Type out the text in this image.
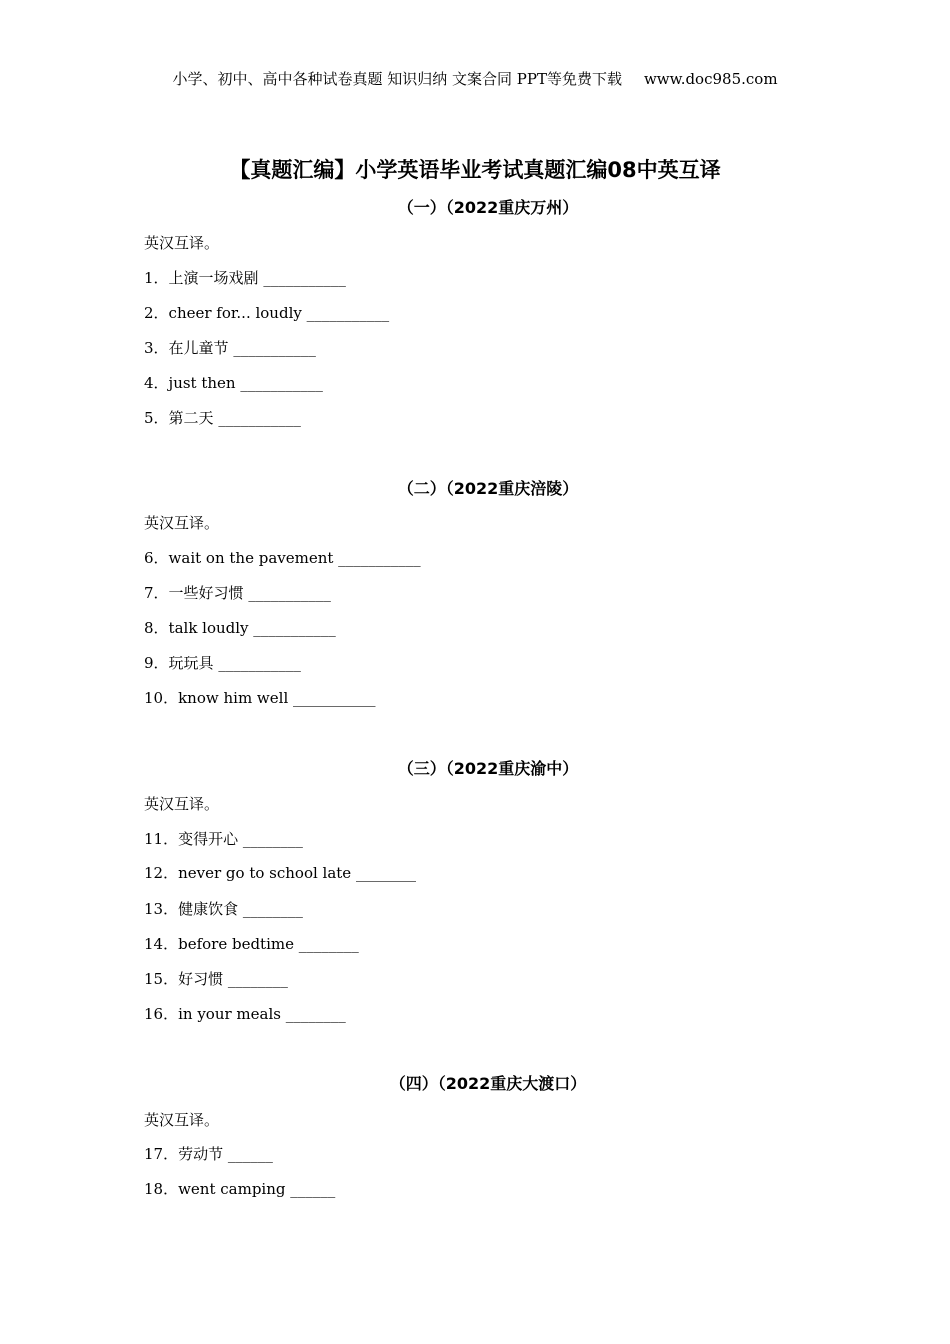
小学、初中、高中各种试卷真题 知识归纳 文案合同 PPT等免费下载 www.doc985.com
【真题汇编】小学英语毕业考试真题汇编08中英互译
（一）（2022重庆万州）
英汉互译。
1．上演一场戏剧 ___________
2．cheer for... loudly ___________
3．在儿童节 ___________
4．just then ___________
5．第二天 ___________
（二）（2022重庆涪陵）
英汉互译。
6．wait on the pavement ___________
7．一些好习惯 ___________
8．talk loudly ___________
9．玩玩具 ___________
10．know him well ___________
（三）（2022重庆渝中）
英汉互译。
11．变得开心 ________
12．never go to school late ________
13．健康饮食 ________
14．before bedtime ________
15．好习惯 ________
16．in your meals ________
（四）（2022重庆大渡口）
英汉互译。
17．劳动节 ______
18．went camping ______
